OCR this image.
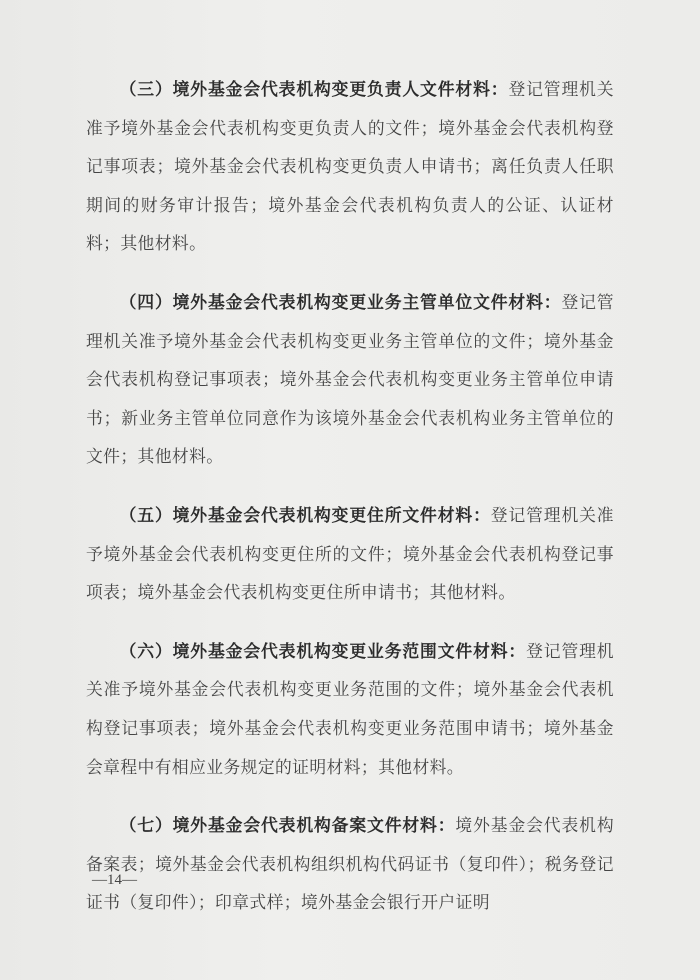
（三）境外基金会代表机构变更负责人文件材料：登记管理机关准予境外基金会代表机构变更负责人的文件；境外基金会代表机构登记事项表；境外基金会代表机构变更负责人申请书；离任负责人任职期间的财务审计报告；境外基金会代表机构负责人的公证、认证材料；其他材料。

（四）境外基金会代表机构变更业务主管单位文件材料：登记管理机关准予境外基金会代表机构变更业务主管单位的文件；境外基金会代表机构登记事项表；境外基金会代表机构变更业务主管单位申请书；新业务主管单位同意作为该境外基金会代表机构业务主管单位的文件；其他材料。

（五）境外基金会代表机构变更住所文件材料：登记管理机关准予境外基金会代表机构变更住所的文件；境外基金会代表机构登记事项表；境外基金会代表机构变更住所申请书；其他材料。

（六）境外基金会代表机构变更业务范围文件材料：登记管理机关准予境外基金会代表机构变更业务范围的文件；境外基金会代表机构登记事项表；境外基金会代表机构变更业务范围申请书；境外基金会章程中有相应业务规定的证明材料；其他材料。

（七）境外基金会代表机构备案文件材料：境外基金会代表机构备案表；境外基金会代表机构组织机构代码证书（复印件）；税务登记证书（复印件）；印章式样；境外基金会银行开户证明

—14—
